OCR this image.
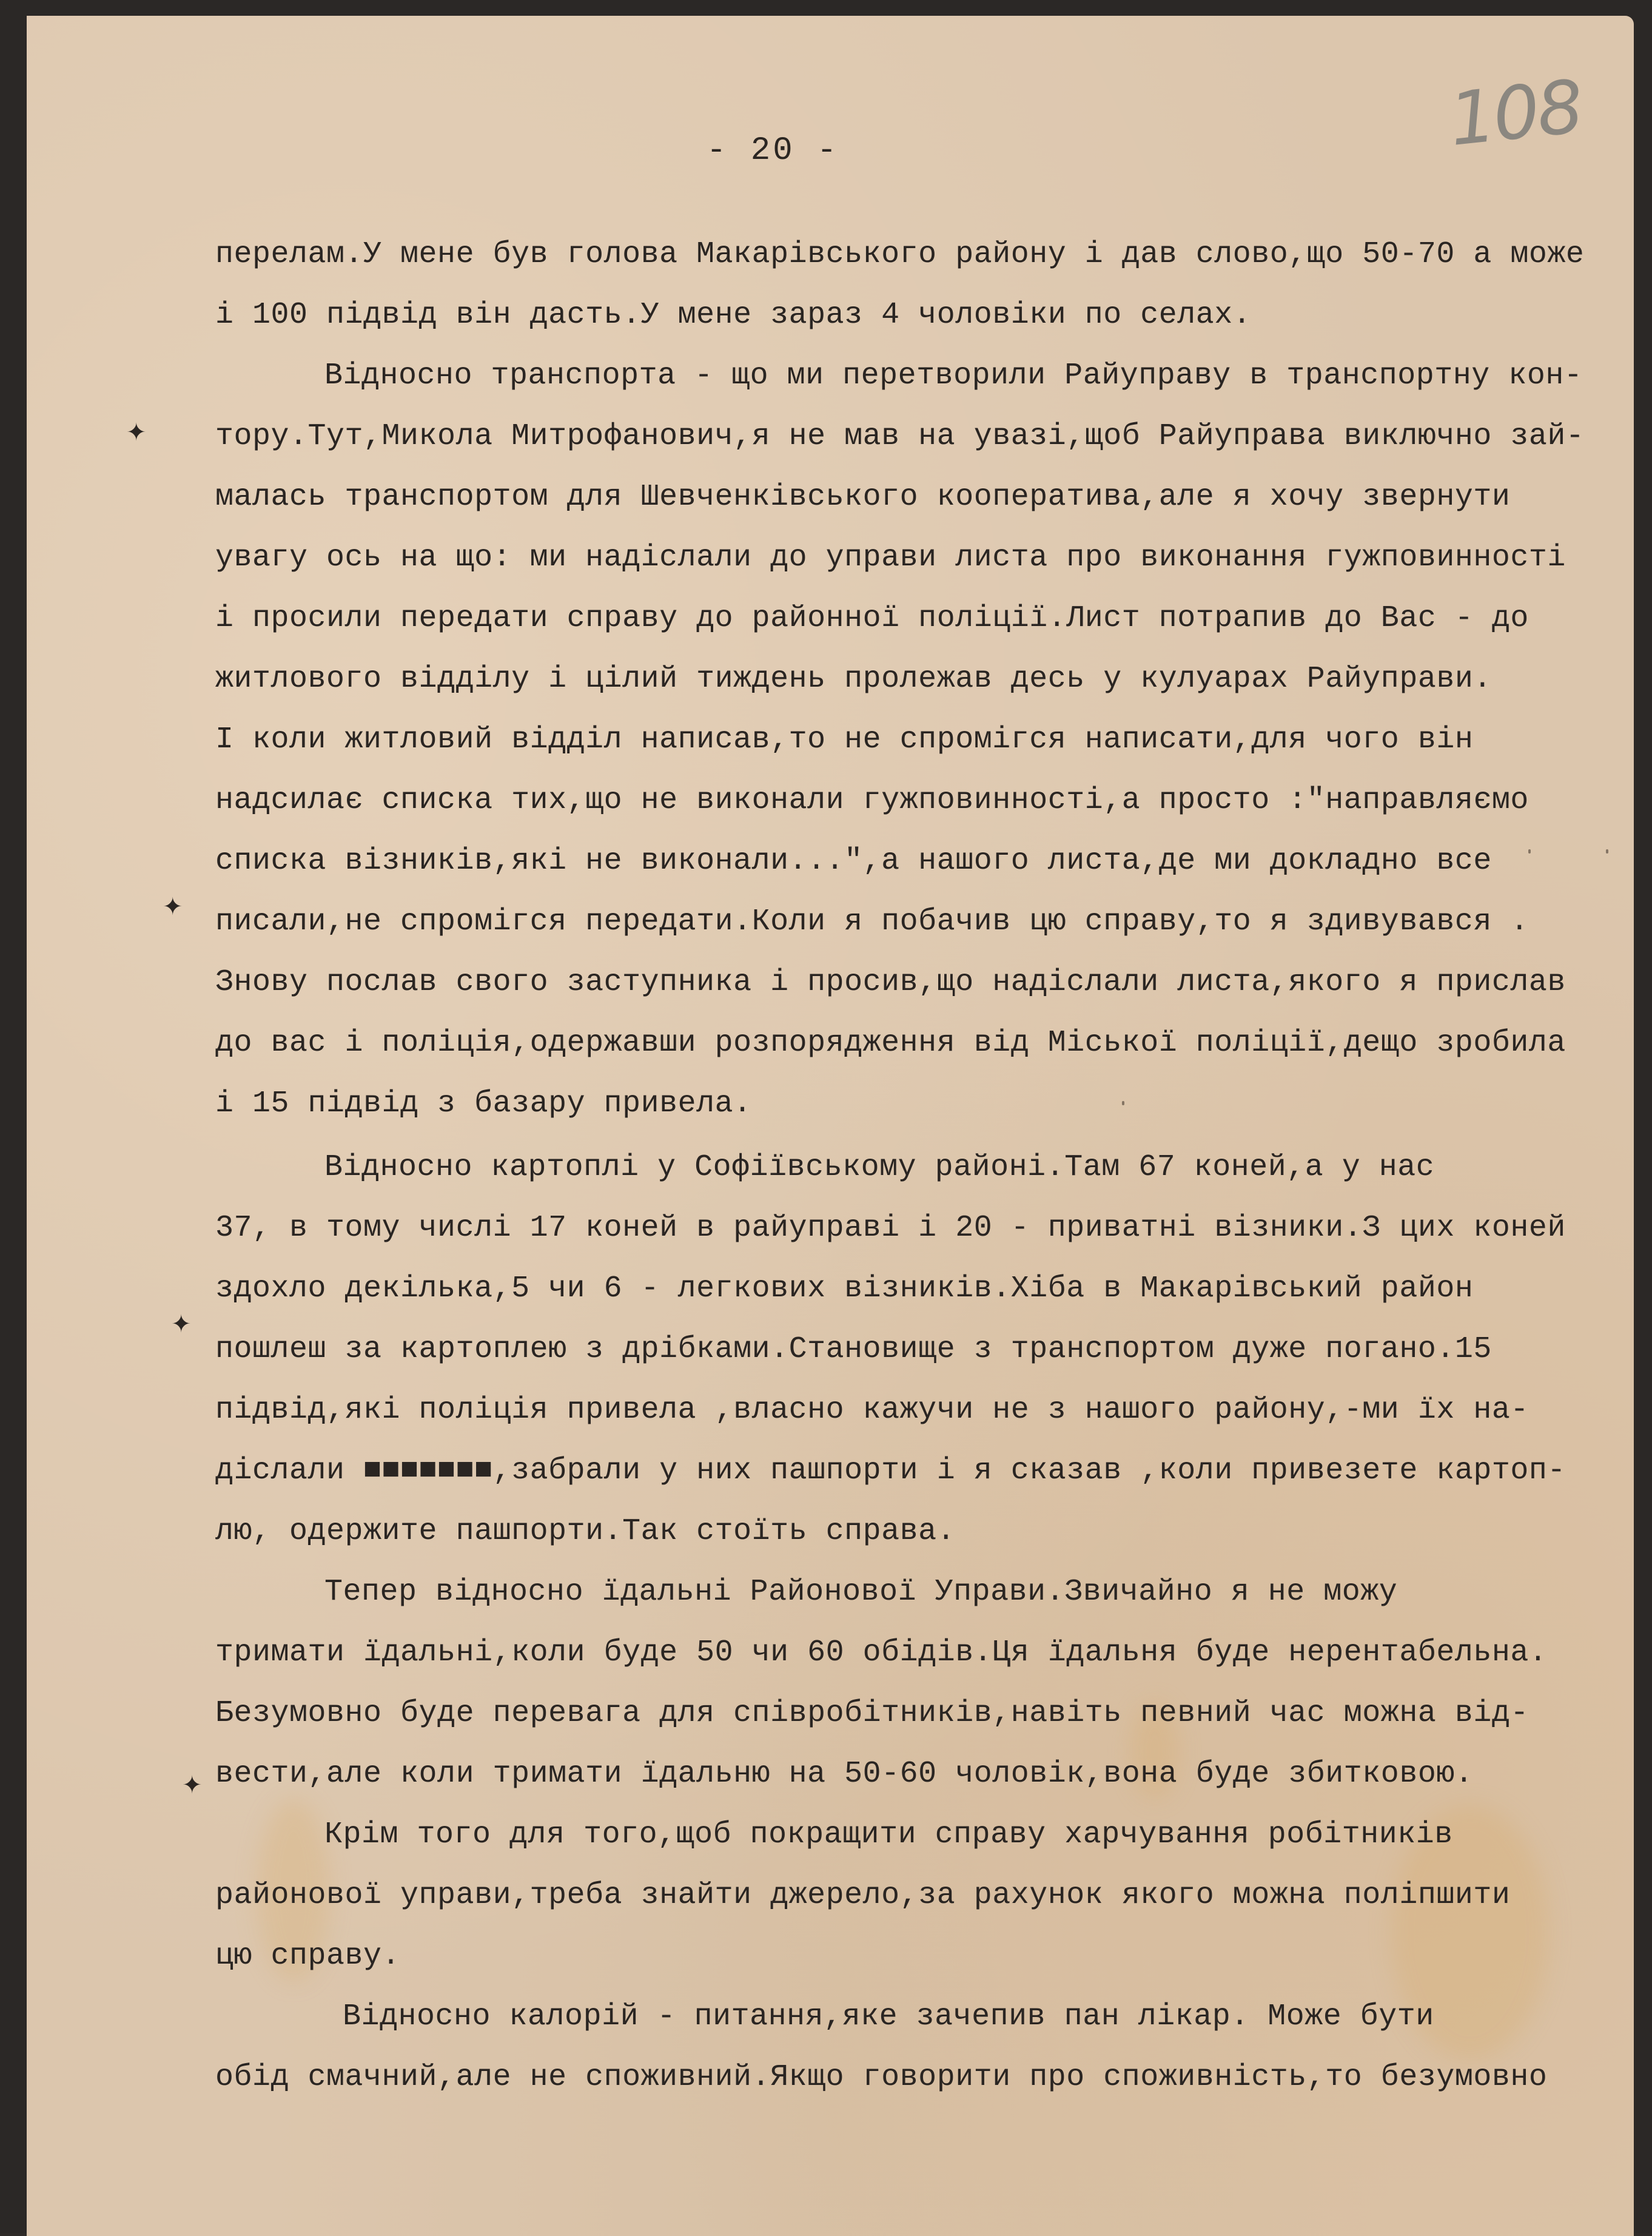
- 20 -	108
✦
✦
✦
✦
перелам.У мене був голова Макарівського району і дав слово,що 50-70 а може
і 100 підвід він дасть.У мене зараз 4 чоловіки по селах.
Відносно транспорта - що ми перетворили Райуправу в транспортну кон-
тору.Тут,Микола Митрофанович,я не мав на увазі,щоб Райуправа виключно зай-
малась транспортом для Шевченківського кооператива,але я хочу звернути
увагу ось на що: ми надіслали до управи листа про виконання гужповинності
і просили передати справу до районної поліції.Лист потрапив до Вас - до
житлового відділу і цілий тиждень пролежав десь у кулуарах Райуправи.
І коли житловий відділ написав,то не спромігся написати,для чого він
надсилає списка тих,що не виконали гужповинності,а просто :"направляємо
списка візників,які не виконали...",а нашого листа,де ми докладно все
писали,не спромігся передати.Коли я побачив цю справу,то я здивувався .
Знову послав свого заступника і просив,що надіслали листа,якого я прислав
до вас і поліція,одержавши розпорядження від Міської поліції,дещо зробила
і 15 підвід з базару привела.
Відносно картоплі у Софіївському районі.Там 67 коней,а у нас
37, в тому числі 17 коней в райуправі і 20 - приватні візники.З цих коней
здохло декілька,5 чи 6 - легкових візників.Хіба в Макарівський район
пошлеш за картоплею з дрібками.Становище з транспортом дуже погано.15
підвід,які поліція привела ,власно кажучи не з нашого району,-ми їх на-
діслали ■■■■■■■,забрали у них пашпорти і я сказав ,коли привезете картоп-
лю, одержите пашпорти.Так стоїть справа.
Тепер відносно їдальні Районової Управи.Звичайно я не можу
тримати їдальні,коли буде 50 чи 60 обідів.Ця їдальня буде нерентабельна.
Безумовно буде перевага для співробітників,навіть певний час можна від-
вести,але коли тримати їдальню на 50-60 чоловік,вона буде збитковою.
Крім того для того,щоб покращити справу харчування робітників
районової управи,треба знайти джерело,за рахунок якого можна поліпшити
цю справу.
Відносно калорій - питання,яке зачепив пан лікар. Може бути
обід смачний,але не споживний.Якщо говорити про споживність,то безумовно
